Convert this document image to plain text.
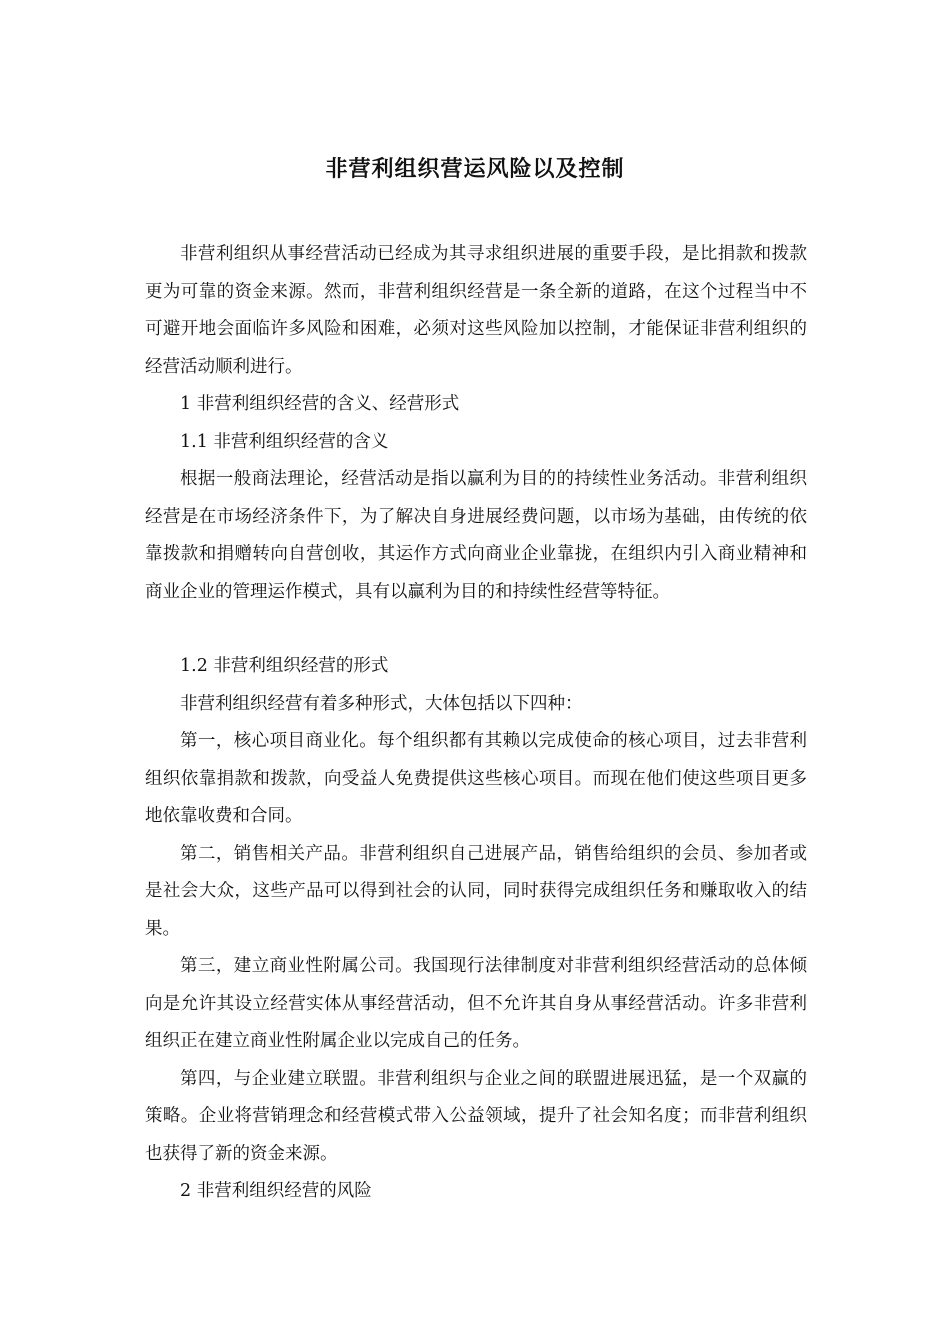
非营利组织营运风险以及控制

非营利组织从事经营活动已经成为其寻求组织进展的重要手段，是比捐款和拨款更为可靠的资金来源。然而，非营利组织经营是一条全新的道路，在这个过程当中不可避开地会面临许多风险和困难，必须对这些风险加以控制，才能保证非营利组织的经营活动顺利进行。

1 非营利组织经营的含义、经营形式

1.1 非营利组织经营的含义

根据一般商法理论，经营活动是指以赢利为目的的持续性业务活动。非营利组织经营是在市场经济条件下，为了解决自身进展经费问题，以市场为基础，由传统的依靠拨款和捐赠转向自营创收，其运作方式向商业企业靠拢，在组织内引入商业精神和商业企业的管理运作模式，具有以赢利为目的和持续性经营等特征。

1.2 非营利组织经营的形式

非营利组织经营有着多种形式，大体包括以下四种：

第一，核心项目商业化。每个组织都有其赖以完成使命的核心项目，过去非营利组织依靠捐款和拨款，向受益人免费提供这些核心项目。而现在他们使这些项目更多地依靠收费和合同。

第二，销售相关产品。非营利组织自己进展产品，销售给组织的会员、参加者或是社会大众，这些产品可以得到社会的认同，同时获得完成组织任务和赚取收入的结果。

第三，建立商业性附属公司。我国现行法律制度对非营利组织经营活动的总体倾向是允许其设立经营实体从事经营活动，但不允许其自身从事经营活动。许多非营利组织正在建立商业性附属企业以完成自己的任务。

第四，与企业建立联盟。非营利组织与企业之间的联盟进展迅猛，是一个双赢的策略。企业将营销理念和经营模式带入公益领域，提升了社会知名度；而非营利组织也获得了新的资金来源。

2 非营利组织经营的风险
